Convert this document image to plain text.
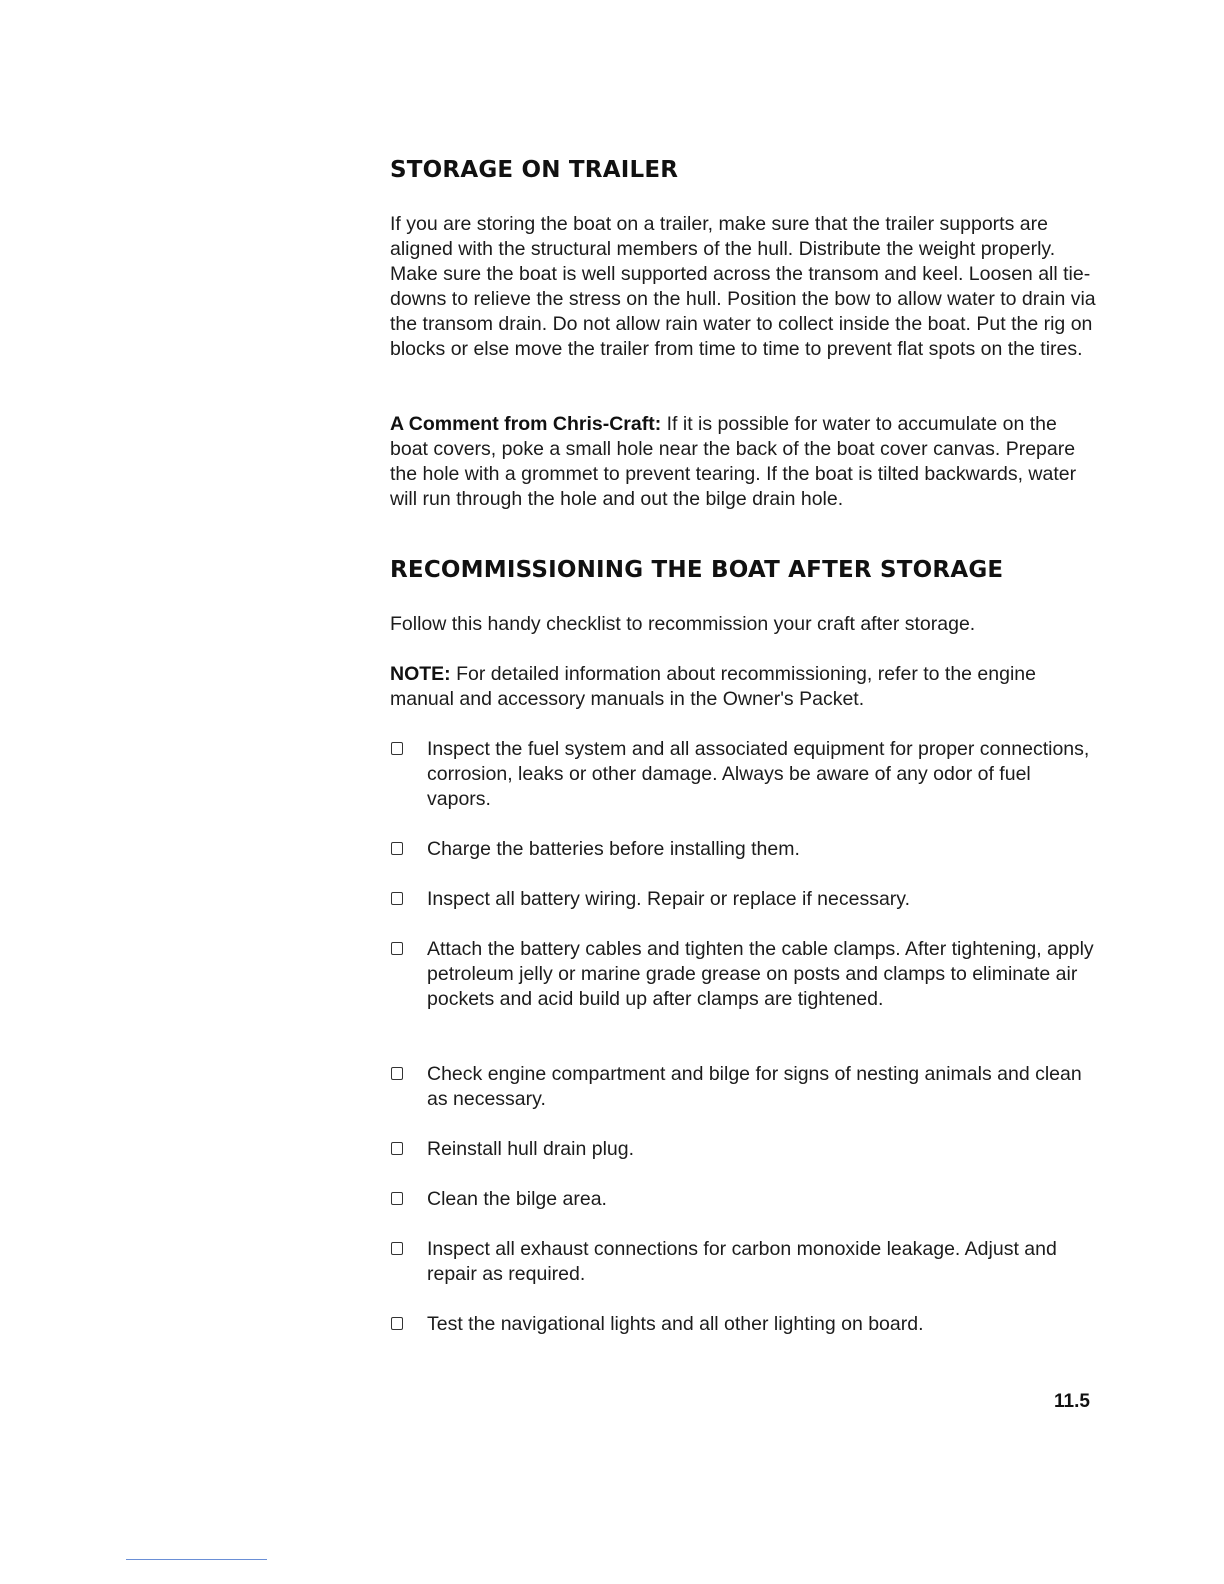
STORAGE ON TRAILER

If you are storing the boat on a trailer, make sure that the trailer supports are aligned with the structural members of the hull. Distribute the weight properly. Make sure the boat is well supported across the transom and keel. Loosen all tie-downs to relieve the stress on the hull. Position the bow to allow water to drain via the transom drain. Do not allow rain water to collect inside the boat. Put the rig on blocks or else move the trailer from time to time to prevent flat spots on the tires.

A Comment from Chris-Craft: If it is possible for water to accumulate on the boat covers, poke a small hole near the back of the boat cover canvas. Prepare the hole with a grommet to prevent tearing. If the boat is tilted backwards, water will run through the hole and out the bilge drain hole.

RECOMMISSIONING THE BOAT AFTER STORAGE

Follow this handy checklist to recommission your craft after storage.

NOTE: For detailed information about recommissioning, refer to the engine manual and accessory manuals in the Owner's Packet.

Inspect the fuel system and all associated equipment for proper connections, corrosion, leaks or other damage. Always be aware of any odor of fuel vapors.
Charge the batteries before installing them.
Inspect all battery wiring. Repair or replace if necessary.
Attach the battery cables and tighten the cable clamps. After tightening, apply petroleum jelly or marine grade grease on posts and clamps to eliminate air pockets and acid build up after clamps are tightened.
Check engine compartment and bilge for signs of nesting animals and clean as necessary.
Reinstall hull drain plug.
Clean the bilge area.
Inspect all exhaust connections for carbon monoxide leakage. Adjust and repair as required.
Test the navigational lights and all other lighting on board.
11.5
